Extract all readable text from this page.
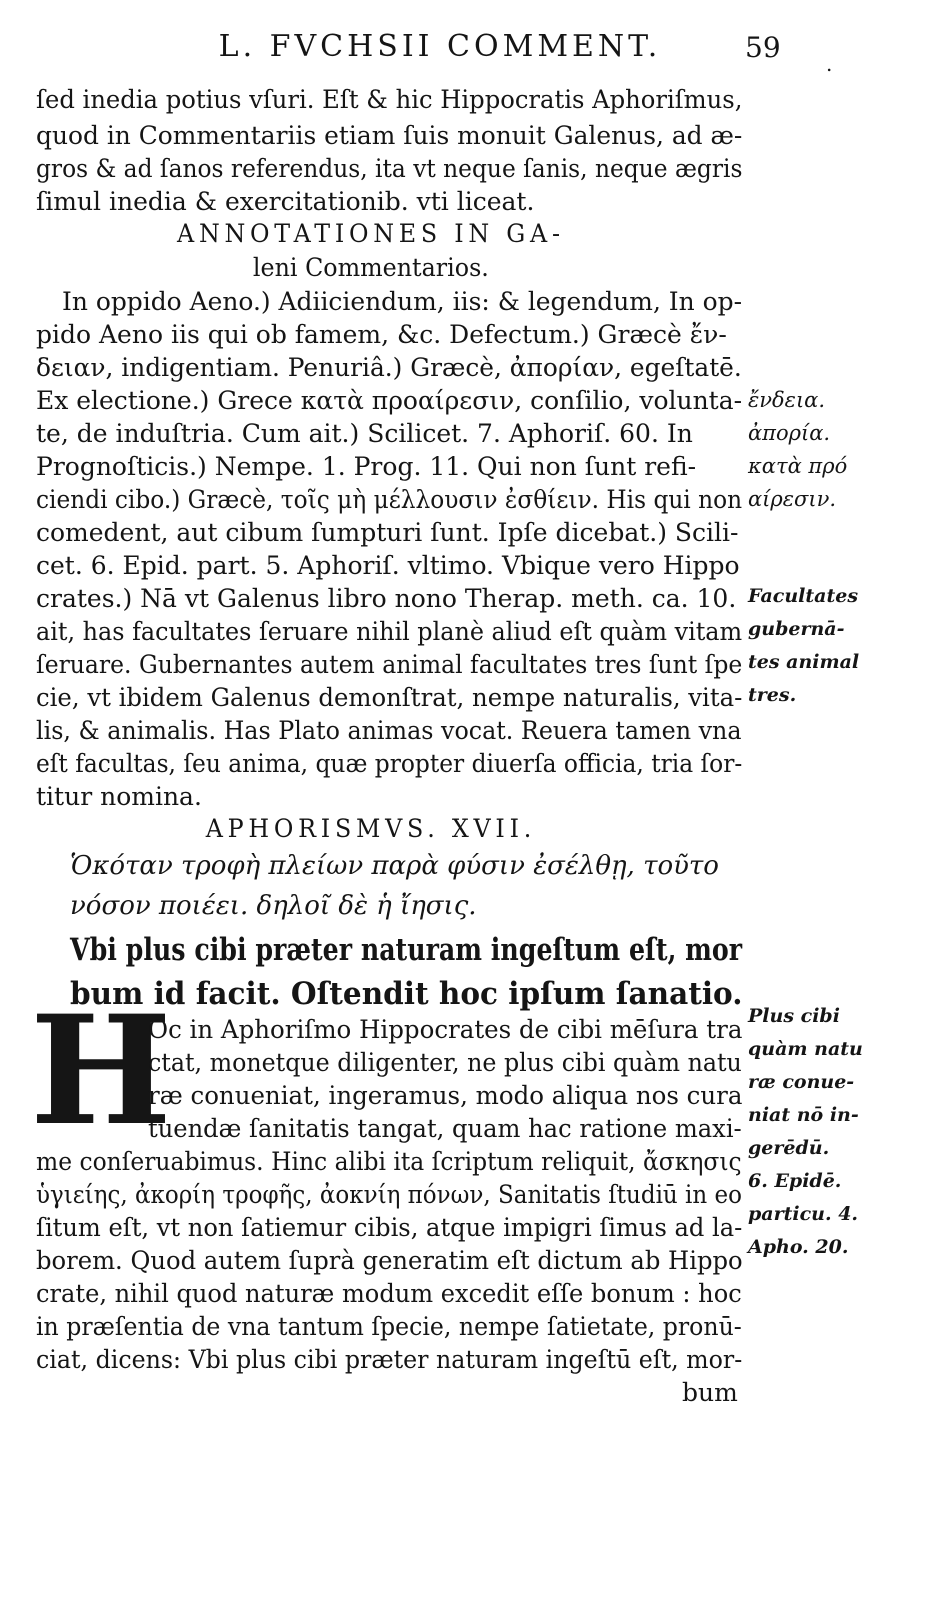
L. FVCHSII COMMENT.	59 .
ſed inedia potius vſuri. Eſt & hic Hippocratis Aphoriſmus,
quod in Commentariis etiam ſuis monuit Galenus, ad æ-
gros & ad ſanos referendus, ita vt neque ſanis, neque ægris
ſimul inedia & exercitationib. vti liceat.
ANNOTATIONES IN GA-
leni Commentarios.
In oppido Aeno.) Adiiciendum, iis: & legendum, In op-
pido Aeno iis qui ob famem, &c. Defectum.) Græcè ἔν-
δειαν, indigentiam. Penuriâ.) Græcè, ἀπορίαν, egeſtatē.
Ex electione.) Grece κατὰ προαίρεσιν, conſilio, volunta-
te, de induſtria. Cum ait.) Scilicet. 7. Aphoriſ. 60. In
Prognoſticis.) Nempe. 1. Prog. 11. Qui non ſunt refi-
ciendi cibo.) Græcè, τοῖς μὴ μέλλουσιν ἐσθίειν. His qui non
comedent, aut cibum ſumpturi ſunt. Ipſe dicebat.) Scili-
cet. 6. Epid. part. 5. Aphoriſ. vltimo. Vbique vero Hippo
crates.) Nā vt Galenus libro nono Therap. meth. ca. 10.
ait, has facultates ſeruare nihil planè aliud eſt quàm vitam
ſeruare. Gubernantes autem animal facultates tres ſunt ſpe
cie, vt ibidem Galenus demonſtrat, nempe naturalis, vita-
lis, & animalis. Has Plato animas vocat. Reuera tamen vna
eſt facultas, ſeu anima, quæ propter diuerſa officia, tria ſor-
titur nomina.
APHORISMVS. XVII.
Ὁκόταν τροφὴ πλείων παρὰ φύσιν ἐσέλθῃ, τοῦτο
νόσον ποιέει. δηλοῖ δὲ ἡ ἴησις.
Vbi plus cibi præter naturam ingeſtum eſt, mor
bum id facit. Oſtendit hoc ipſum ſanatio.
H
Oc in Aphoriſmo Hippocrates de cibi mēſura tra
ctat, monetque diligenter, ne plus cibi quàm natu
ræ conueniat, ingeramus, modo aliqua nos cura
tuendæ ſanitatis tangat, quam hac ratione maxi-
me conſeruabimus. Hinc alibi ita ſcriptum reliquit, ἄσκησις
ὑγιείης, ἀκορίη τροφῆς, ἀοκνίη πόνων, Sanitatis ſtudiū in eo
ſitum eſt, vt non ſatiemur cibis, atque impigri ſimus ad la-
borem. Quod autem ſuprà generatim eſt dictum ab Hippo
crate, nihil quod naturæ modum excedit eſſe bonum : hoc
in præſentia de vna tantum ſpecie, nempe ſatietate, pronū-
ciat, dicens: Vbi plus cibi præter naturam ingeſtū eſt, mor-
bum
ἔνδεια.
ἀπορία.
κατὰ πρό
αίρεσιν.
Facultates
gubernā-
tes animal
tres.
Plus cibi
quàm natu
ræ conue-
niat nō in-
gerēdū.
6. Epidē.
particu. 4.
Apho. 20.
